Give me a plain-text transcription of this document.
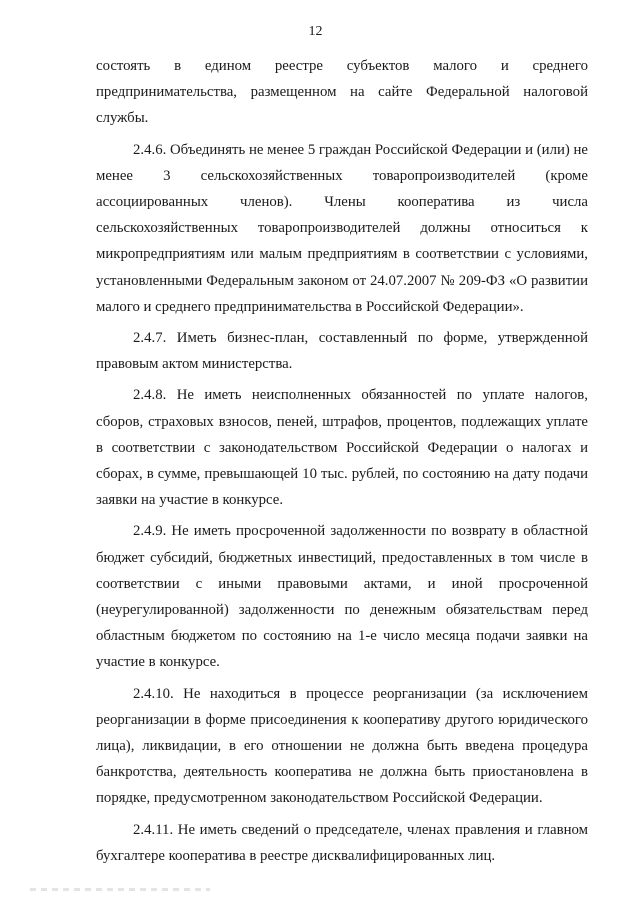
12

состоять в едином реестре субъектов малого и среднего предпринимательства, размещенном на сайте Федеральной налоговой службы.

2.4.6. Объединять не менее 5 граждан Российской Федерации и (или) не менее 3 сельскохозяйственных товаропроизводителей (кроме ассоциированных членов). Члены кооператива из числа сельскохозяйственных товаропроизводителей должны относиться к микропредприятиям или малым предприятиям в соответствии с условиями, установленными Федеральным законом от 24.07.2007 № 209-ФЗ «О развитии малого и среднего предпринимательства в Российской Федерации».

2.4.7. Иметь бизнес-план, составленный по форме, утвержденной правовым актом министерства.

2.4.8. Не иметь неисполненных обязанностей по уплате налогов, сборов, страховых взносов, пеней, штрафов, процентов, подлежащих уплате в соответствии с законодательством Российской Федерации о налогах и сборах, в сумме, превышающей 10 тыс. рублей, по состоянию на дату подачи заявки на участие в конкурсе.

2.4.9. Не иметь просроченной задолженности по возврату в областной бюджет субсидий, бюджетных инвестиций, предоставленных в том числе в соответствии с иными правовыми актами, и иной просроченной (неурегулированной) задолженности по денежным обязательствам перед областным бюджетом по состоянию на 1-е число месяца подачи заявки на участие в конкурсе.

2.4.10. Не находиться в процессе реорганизации (за исключением реорганизации в форме присоединения к кооперативу другого юридического лица), ликвидации, в его отношении не должна быть введена процедура банкротства, деятельность кооператива не должна быть приостановлена в порядке, предусмотренном законодательством Российской Федерации.

2.4.11. Не иметь сведений о председателе, членах правления и главном бухгалтере кооператива в реестре дисквалифицированных лиц.
